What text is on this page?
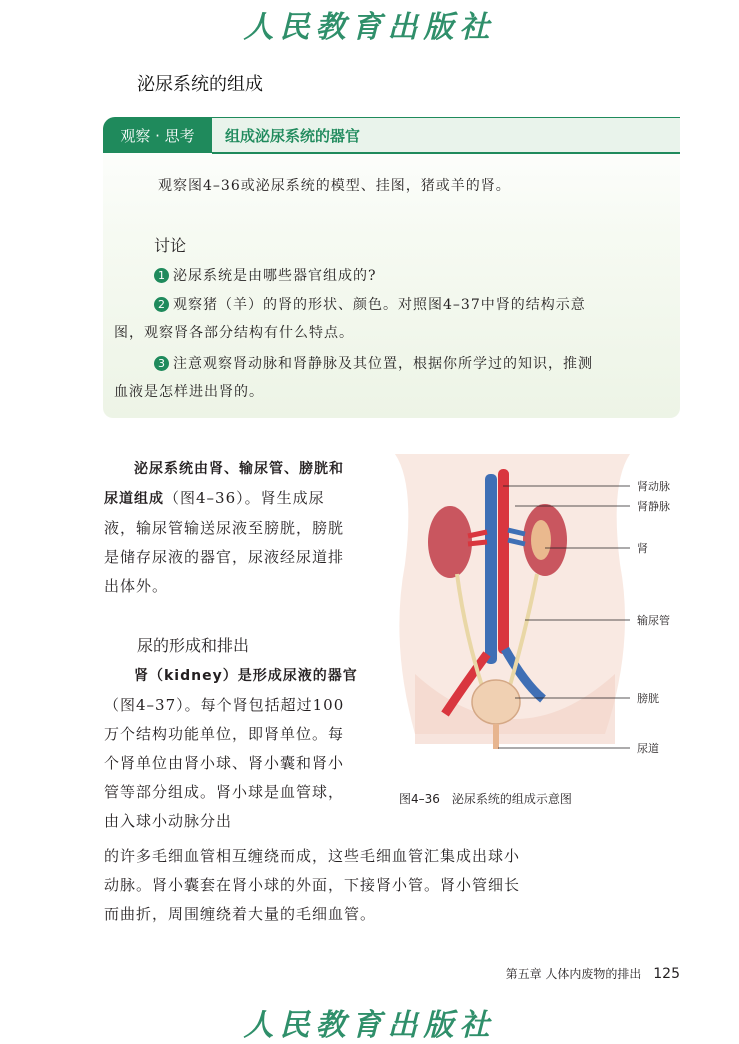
人民教育出版社
泌尿系统的组成
观察 · 思考	组成泌尿系统的器官
观察图4–36或泌尿系统的模型、挂图，猪或羊的肾。
讨论
1 泌尿系统是由哪些器官组成的?
2 观察猪（羊）的肾的形状、颜色。对照图4–37中肾的结构示意
图，观察肾各部分结构有什么特点。
3 注意观察肾动脉和肾静脉及其位置，根据你所学过的知识，推测
血液是怎样进出肾的。
泌尿系统由肾、输尿管、膀胱和尿道组成（图4–36）。肾生成尿液，输尿管输送尿液至膀胱，膀胱是储存尿液的器官，尿液经尿道排出体外。
尿的形成和排出
肾（kidney）是形成尿液的器官（图4–37）。每个肾包括超过100万个结构功能单位，即肾单位。每个肾单位由肾小球、肾小囊和肾小管等部分组成。肾小球是血管球，由入球小动脉分出
的许多毛细血管相互缠绕而成，这些毛细血管汇集成出球小动脉。肾小囊套在肾小球的外面，下接肾小管。肾小管细长而曲折，周围缠绕着大量的毛细血管。
肾动脉
肾静脉
肾
输尿管
膀胱
尿道
图4–36 泌尿系统的组成示意图
第五章 人体内废物的排出 125
人民教育出版社
